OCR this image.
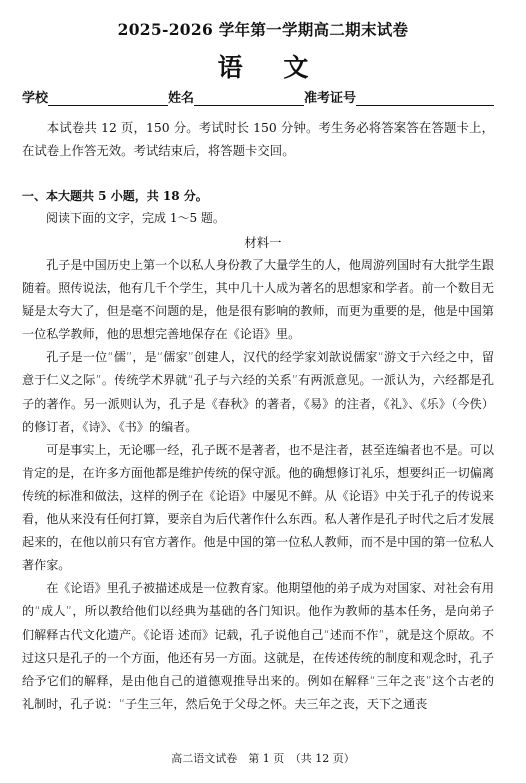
2025-2026 学年第一学期高二期末试卷
语 文
学校	姓名	准考证号
本试卷共 12 页，150 分。考试时长 150 分钟。考生务必将答案答在答题卡上，在试卷上作答无效。考试结束后，将答题卡交回。
一、本大题共 5 小题，共 18 分。
阅读下面的文字，完成 1～5 题。
材料一

孔子是中国历史上第一个以私人身份教了大量学生的人，他周游列国时有大批学生跟随着。照传说法，他有几千个学生，其中几十人成为著名的思想家和学者。前一个数目无疑是太夸大了，但是毫不问题的是，他是很有影响的教师，而更为重要的是，他是中国第一位私学教师，他的思想完善地保存在《论语》里。

孔子是一位“儒”，是“儒家”创建人，汉代的经学家刘歆说儒家“游文于六经之中，留意于仁义之际”。传统学术界就“孔子与六经的关系”有两派意见。一派认为，六经都是孔子的著作。另一派则认为，孔子是《春秋》的著者，《易》的注者，《礼》、《乐》（今佚）的修订者，《诗》、《书》的编者。

可是事实上，无论哪一经，孔子既不是著者，也不是注者，甚至连编者也不是。可以肯定的是，在许多方面他都是维护传统的保守派。他的确想修订礼乐，想要纠正一切偏离传统的标准和做法，这样的例子在《论语》中屡见不鲜。从《论语》中关于孔子的传说来看，他从来没有任何打算，要亲自为后代著作什么东西。私人著作是孔子时代之后才发展起来的，在他以前只有官方著作。他是中国的第一位私人教师，而不是中国的第一位私人著作家。

在《论语》里孔子被描述成是一位教育家。他期望他的弟子成为对国家、对社会有用的“成人”，所以教给他们以经典为基础的各门知识。他作为教师的基本任务，是向弟子们解释古代文化遗产。《论语·述而》记载，孔子说他自己“述而不作”，就是这个原故。不过这只是孔子的一个方面，他还有另一方面。这就是，在传述传统的制度和观念时，孔子给予它们的解释，是由他自己的道德观推导出来的。例如在解释“三年之丧”这个古老的礼制时，孔子说：“子生三年，然后免于父母之怀。夫三年之丧，天下之通丧

高二语文试卷　第 1 页　（共 12 页）
